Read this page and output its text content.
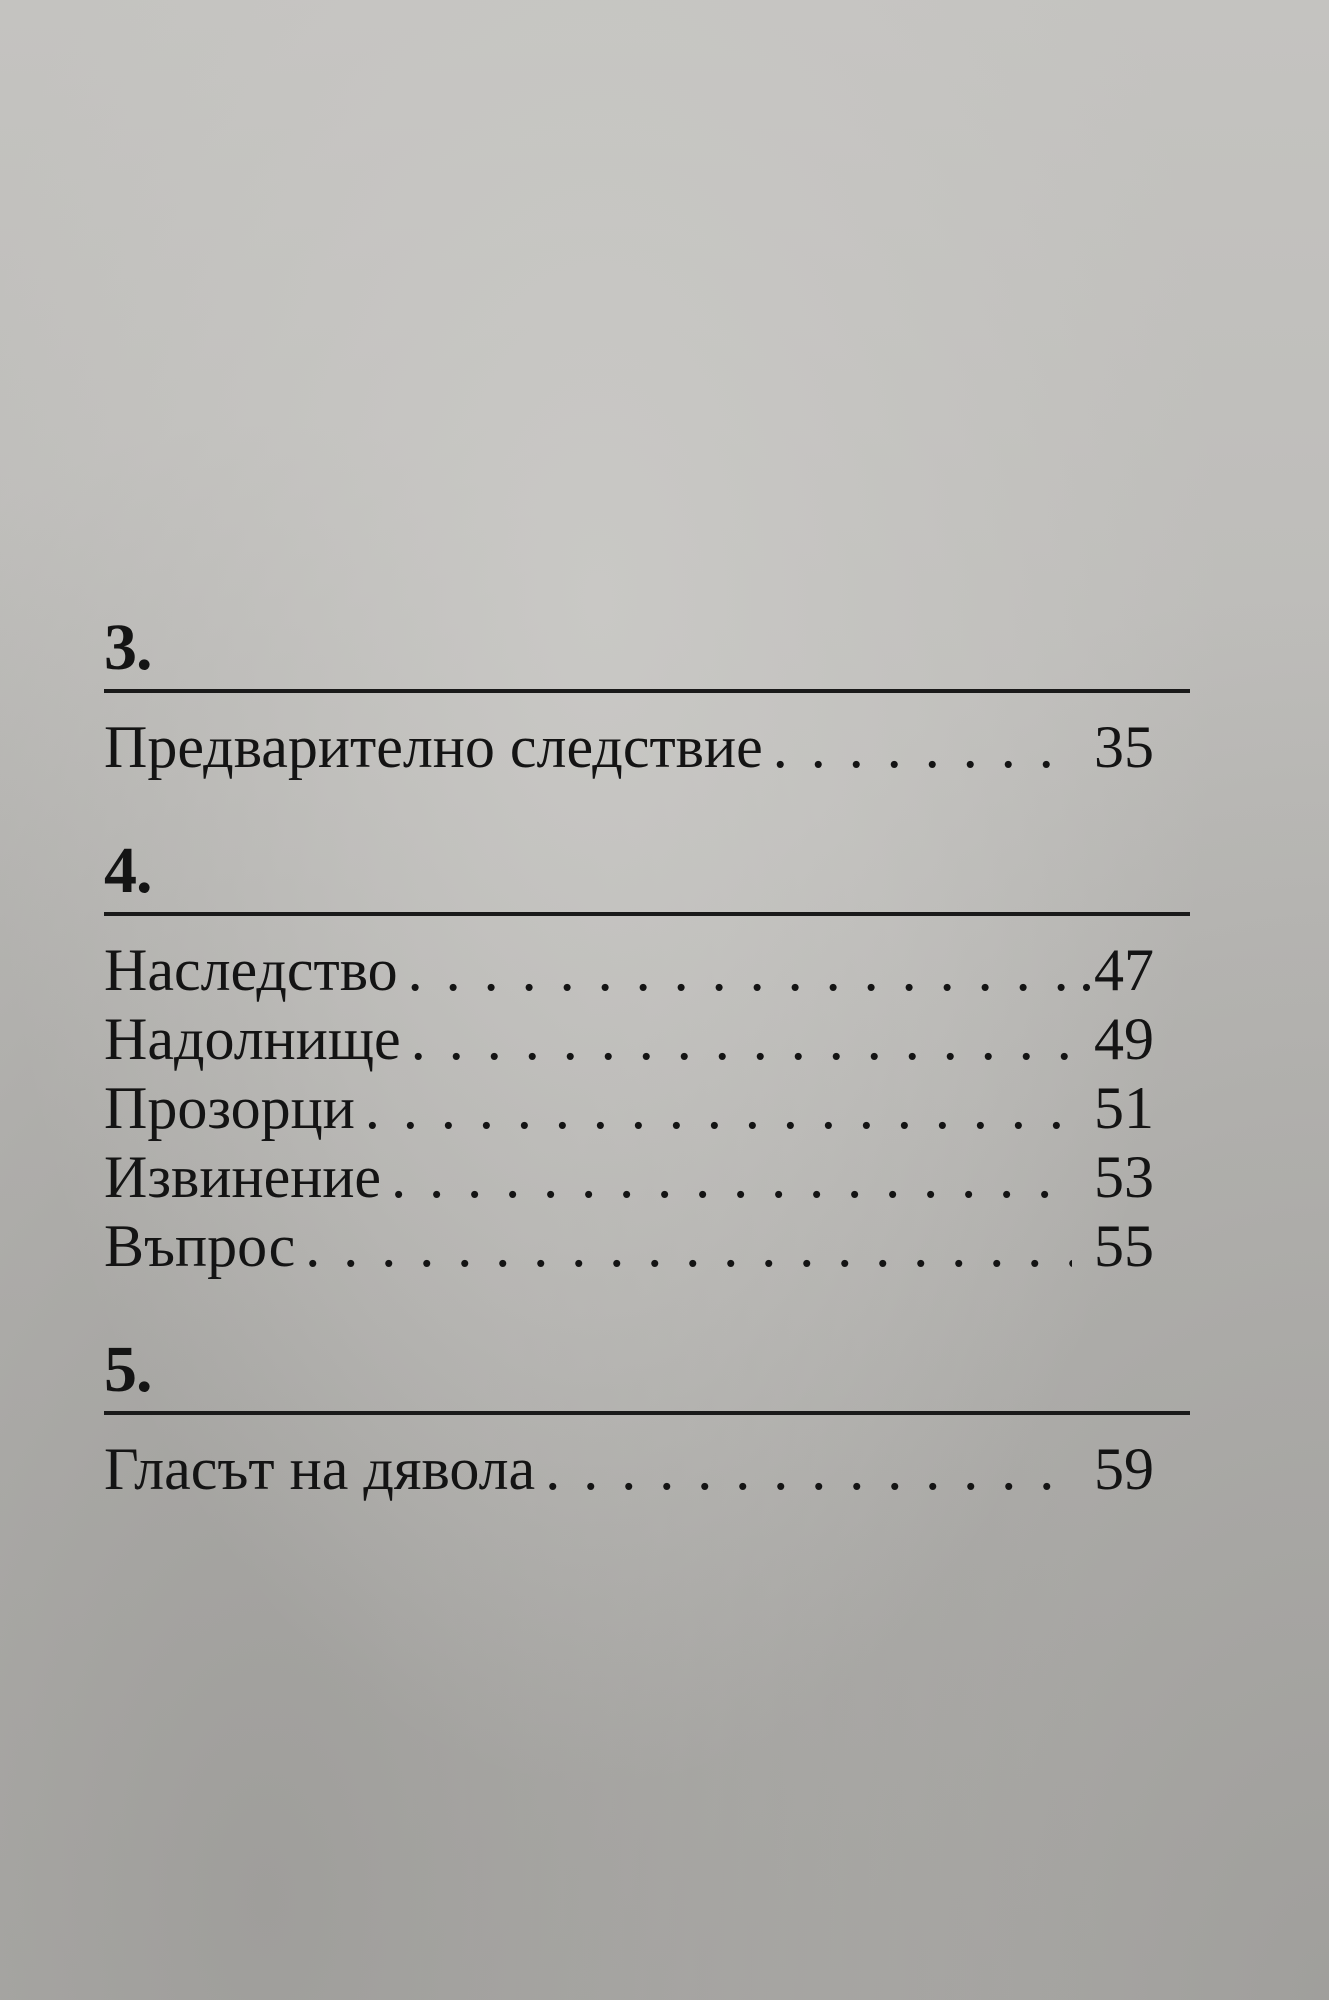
3.
Предварително следствие . . .	35
4.
Наследство . . .	.47
Надолнище . . .	49
Прозорци . . .	51
Извинение . . .	53
Въпрос . . .	55
5.
Гласът на дявола . . .	59
